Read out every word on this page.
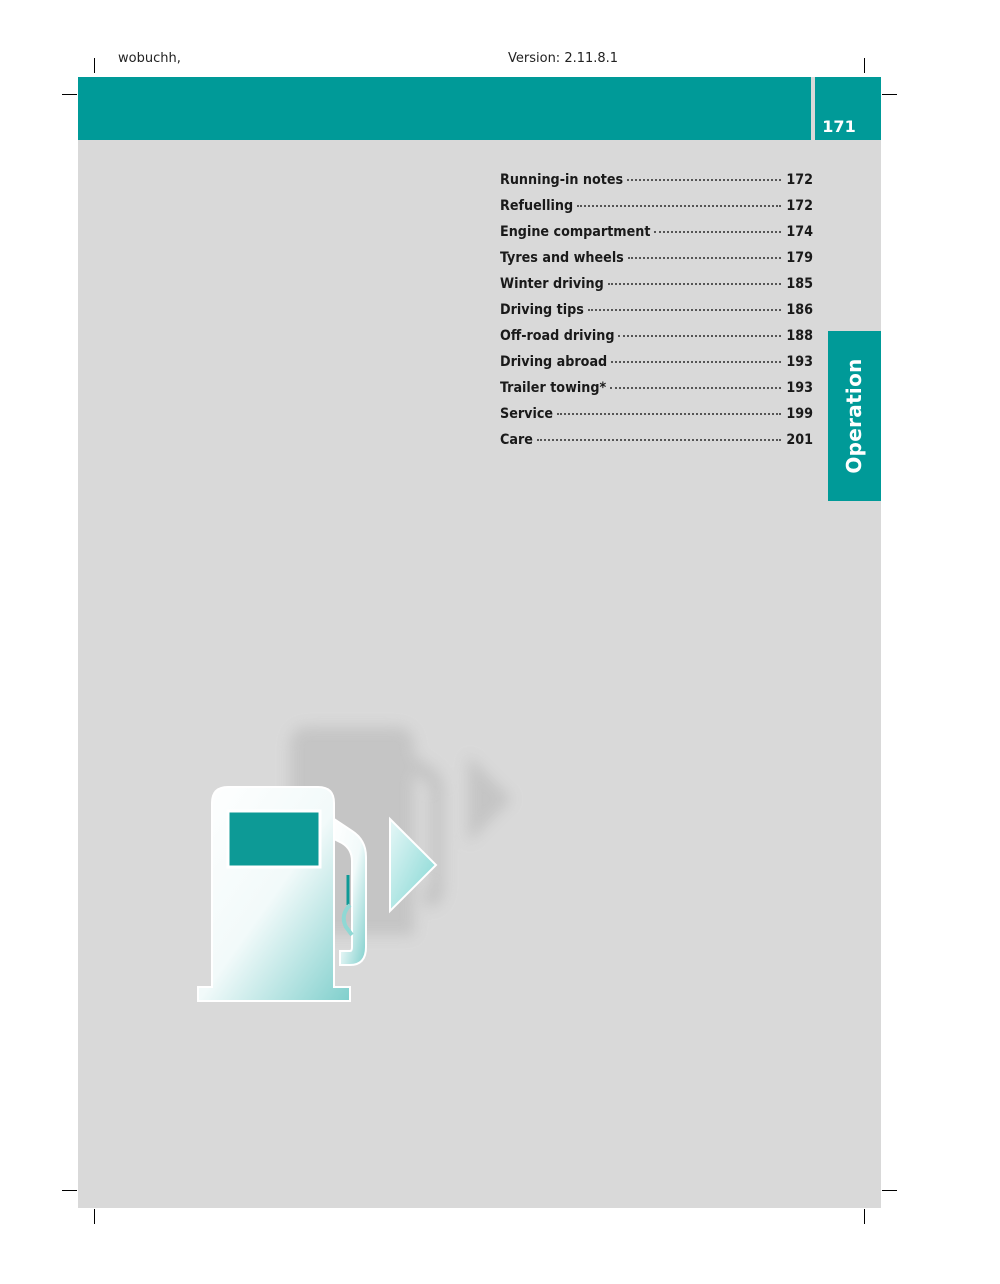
wobuchh,	Version: 2.11.8.1
171
Operation
Running-in notes	172
Refuelling	172
Engine compartment	174
Tyres and wheels	179
Winter driving	185
Driving tips	186
Off-road driving	188
Driving abroad	193
Trailer towing*	193
Service	199
Care	201
carmanualsonline.info
